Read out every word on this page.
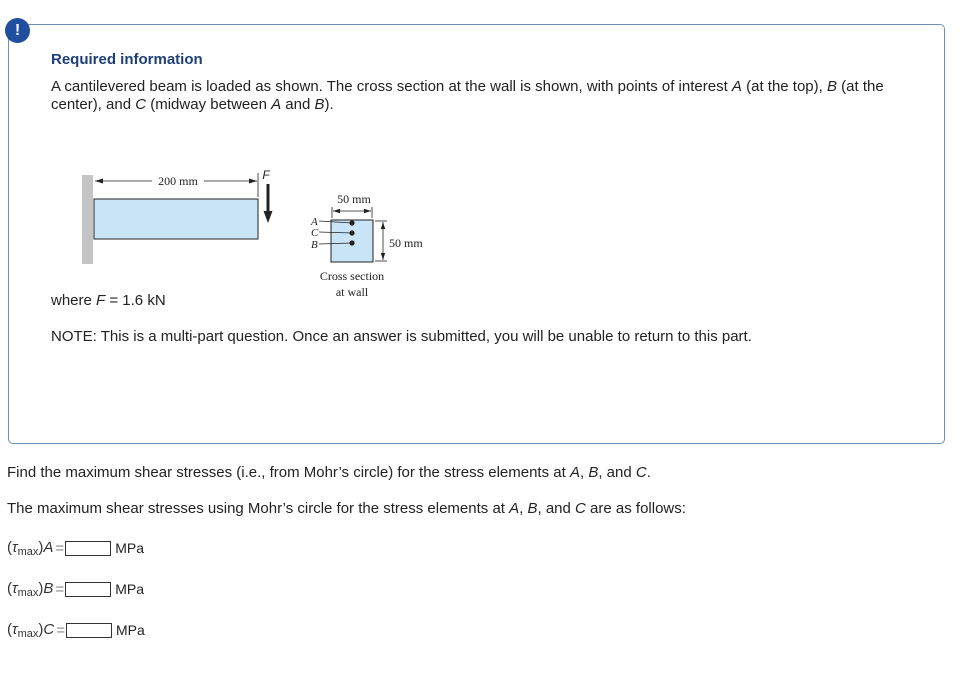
!
Required information

A cantilevered beam is loaded as shown. The cross section at the wall is shown, with points of interest A (at the top), B (at the center), and C (midway between A and B).

200 mm	F
50 mm
50 mm
A
C
B
Cross section
at wall

where F = 1.6 kN

NOTE: This is a multi-part question. Once an answer is submitted, you will be unable to return to this part.

Find the maximum shear stresses (i.e., from Mohr’s circle) for the stress elements at A, B, and C.

The maximum shear stresses using Mohr’s circle for the stress elements at A, B, and C are as follows:

$(\tau_{max})A$ =	MPa
$(\tau_{max})B$ =	MPa
$(\tau_{max})C$ =	MPa
